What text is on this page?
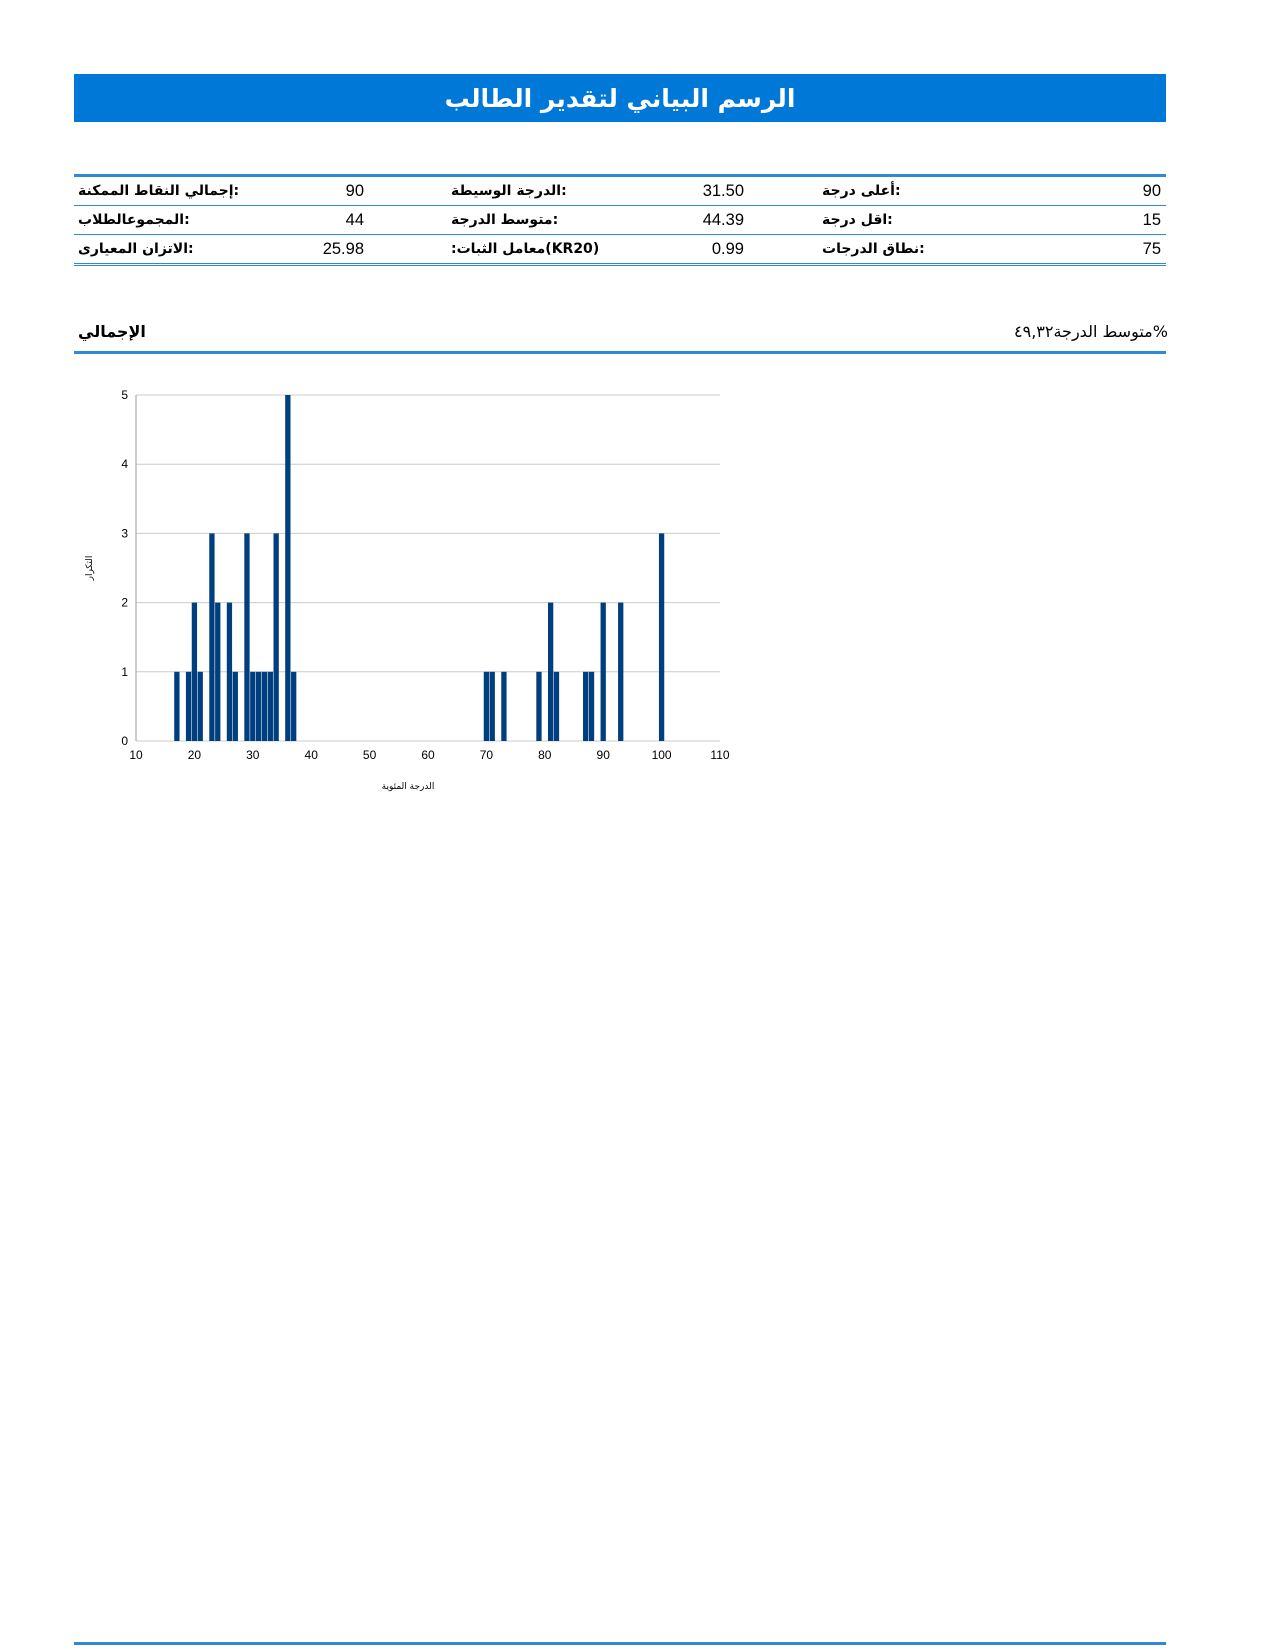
الرسم البياني لتقدير الطالب
:إجمالي النقاط الممكنة	90	:الدرجة الوسيطة	31.50	:أعلى درجة	90
:المجموعالطلاب	44	:متوسط الدرجة	44.39	:اقل درجة	15
:الاتزان المعيارى	25.98	(KR20)معامل الثبات:	0.99	:نطاق الدرجات	75
الإجمالي	%متوسط الدرجة٤٩,٣٢
0
1
2
3
4
5
10	20	30	40	50	60	70	80	90	100	110
الدرجة المئوية
التكرار
